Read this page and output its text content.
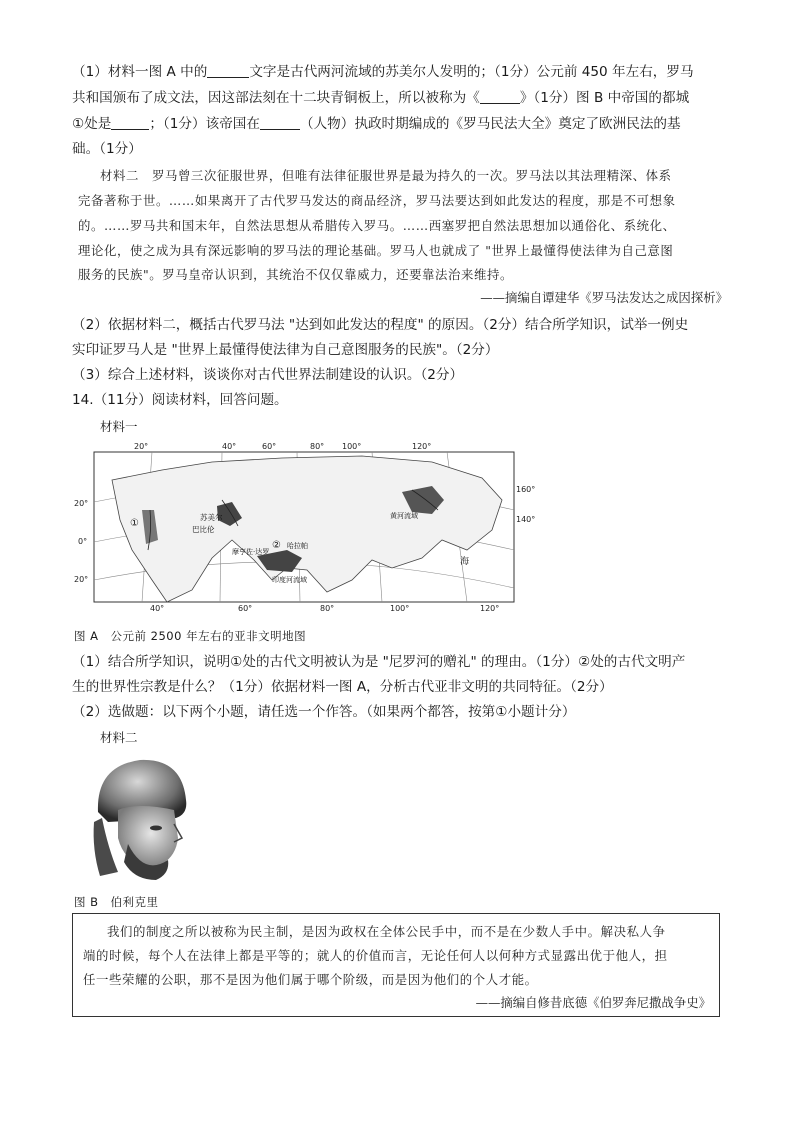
（1）材料一图 A 中的	文字是古代两河流域的苏美尔人发明的；（1分）公元前 450 年左右，罗马
共和国颁布了成文法，因这部法刻在十二块青铜板上，所以被称为《	》（1分）图 B 中帝国的都城
①处是	；（1分）该帝国在	（人物）执政时期编成的《罗马民法大全》奠定了欧洲民法的基
础。（1分）
材料二　罗马曾三次征服世界，但唯有法律征服世界是最为持久的一次。罗马法以其法理精深、体系
完备著称于世。……如果离开了古代罗马发达的商品经济，罗马法要达到如此发达的程度，那是不可想象
的。……罗马共和国末年，自然法思想从希腊传入罗马。……西塞罗把自然法思想加以通俗化、系统化、
理论化，使之成为具有深远影响的罗马法的理论基础。罗马人也就成了 "世界上最懂得使法律为自己意图
服务的民族"。罗马皇帝认识到，其统治不仅仅靠威力，还要靠法治来维持。
——摘编自谭建华《罗马法发达之成因探析》
（2）依据材料二，概括古代罗马法 "达到如此发达的程度" 的原因。（2分）结合所学知识，试举一例史
实印证罗马人是 "世界上最懂得使法律为自己意图服务的民族"。（2分）
（3）综合上述材料，谈谈你对古代世界法制建设的认识。（2分）
14.（11分）阅读材料，回答问题。
材料一
①
②
苏美尔
巴比伦
摩亨佐·达罗
哈拉帕
印度河流域
黄河流域
海
20°	40°	60°	80° 100°	120°
40°	60°	80°	100°	120°
20°
0°
20°
160°
140°
图 A　公元前 2500 年左右的亚非文明地图
（1）结合所学知识，说明①处的古代文明被认为是 "尼罗河的赠礼" 的理由。（1分）②处的古代文明产
生的世界性宗教是什么？（1分）依据材料一图 A，分析古代亚非文明的共同特征。（2分）
（2）选做题：以下两个小题，请任选一个作答。（如果两个都答，按第①小题计分）
材料二
图 B　伯利克里
我们的制度之所以被称为民主制，是因为政权在全体公民手中，而不是在少数人手中。解决私人争
端的时候，每个人在法律上都是平等的；就人的价值而言，无论任何人以何种方式显露出优于他人，担
任一些荣耀的公职，那不是因为他们属于哪个阶级，而是因为他们的个人才能。
——摘编自修昔底德《伯罗奔尼撒战争史》
